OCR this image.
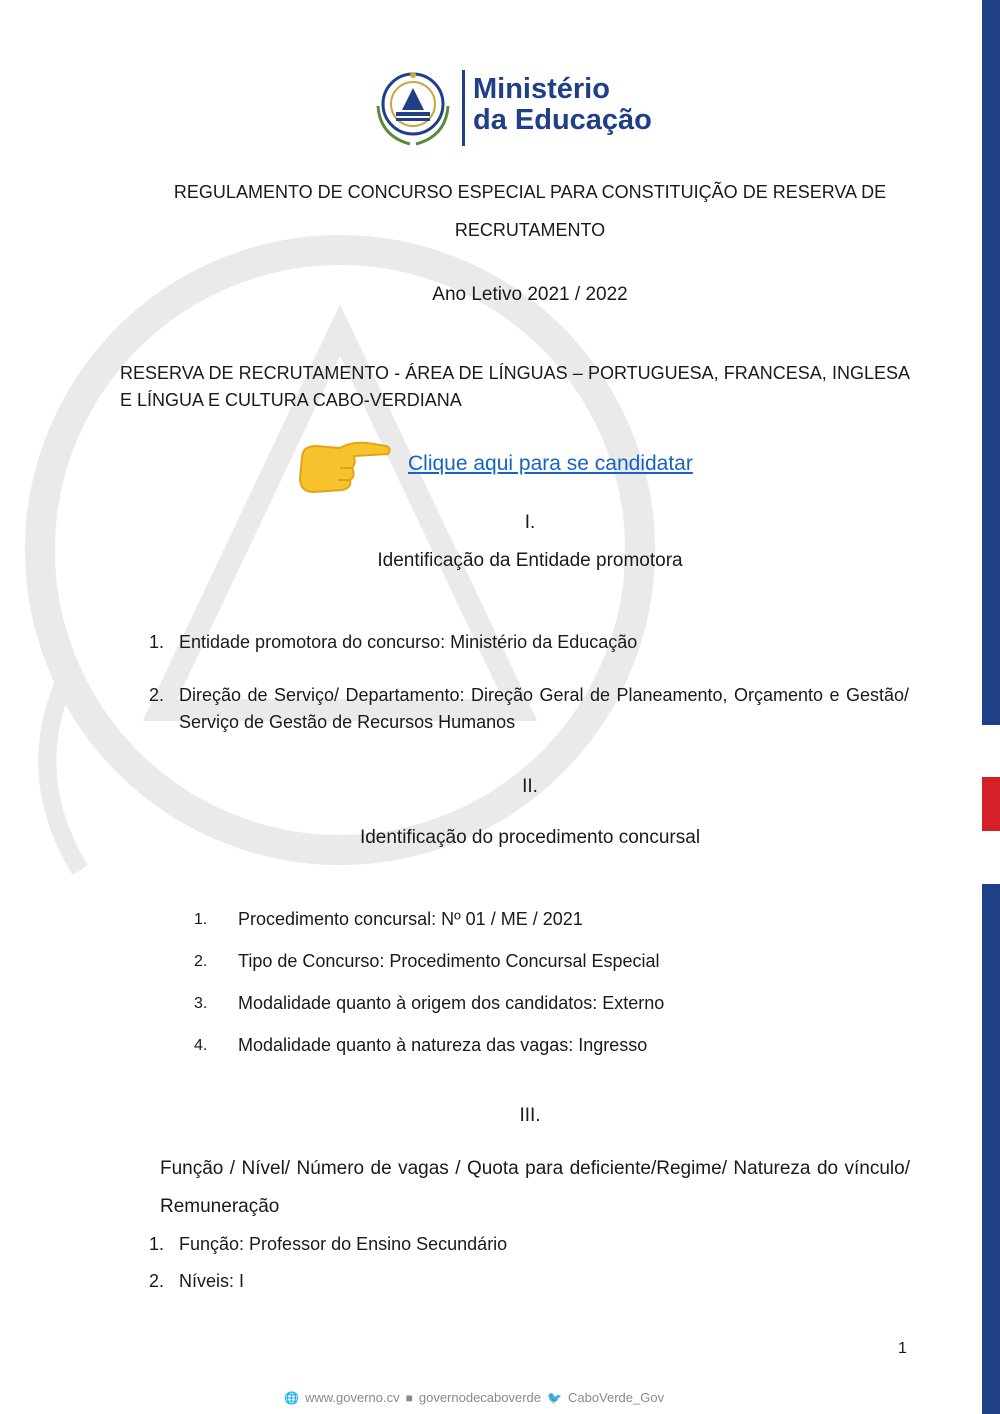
Ministério
da Educação
REGULAMENTO DE CONCURSO ESPECIAL PARA CONSTITUIÇÃO DE RESERVA DE
RECRUTAMENTO
Ano Letivo 2021 / 2022
RESERVA DE RECRUTAMENTO - ÁREA DE LÍNGUAS – PORTUGUESA, FRANCESA, INGLESA E LÍNGUA E CULTURA CABO-VERDIANA
Clique aqui para se candidatar
I.
Identificação da Entidade promotora
1. Entidade promotora do concurso: Ministério da Educação
2. Direção de Serviço/ Departamento: Direção Geral de Planeamento, Orçamento e Gestão/ Serviço de Gestão de Recursos Humanos
II.
Identificação do procedimento concursal
1.	Procedimento concursal: Nº 01 / ME / 2021
2.	Tipo de Concurso: Procedimento Concursal Especial
3.	Modalidade quanto à origem dos candidatos: Externo
4.	Modalidade quanto à natureza das vagas: Ingresso
III.
Função / Nível/ Número de vagas / Quota para deficiente/Regime/ Natureza do vínculo/ Remuneração
1. Função: Professor do Ensino Secundário
2. Níveis: I
1
🌐 www.governo.cv ■ governodecaboverde 🐦 CaboVerde_Gov
